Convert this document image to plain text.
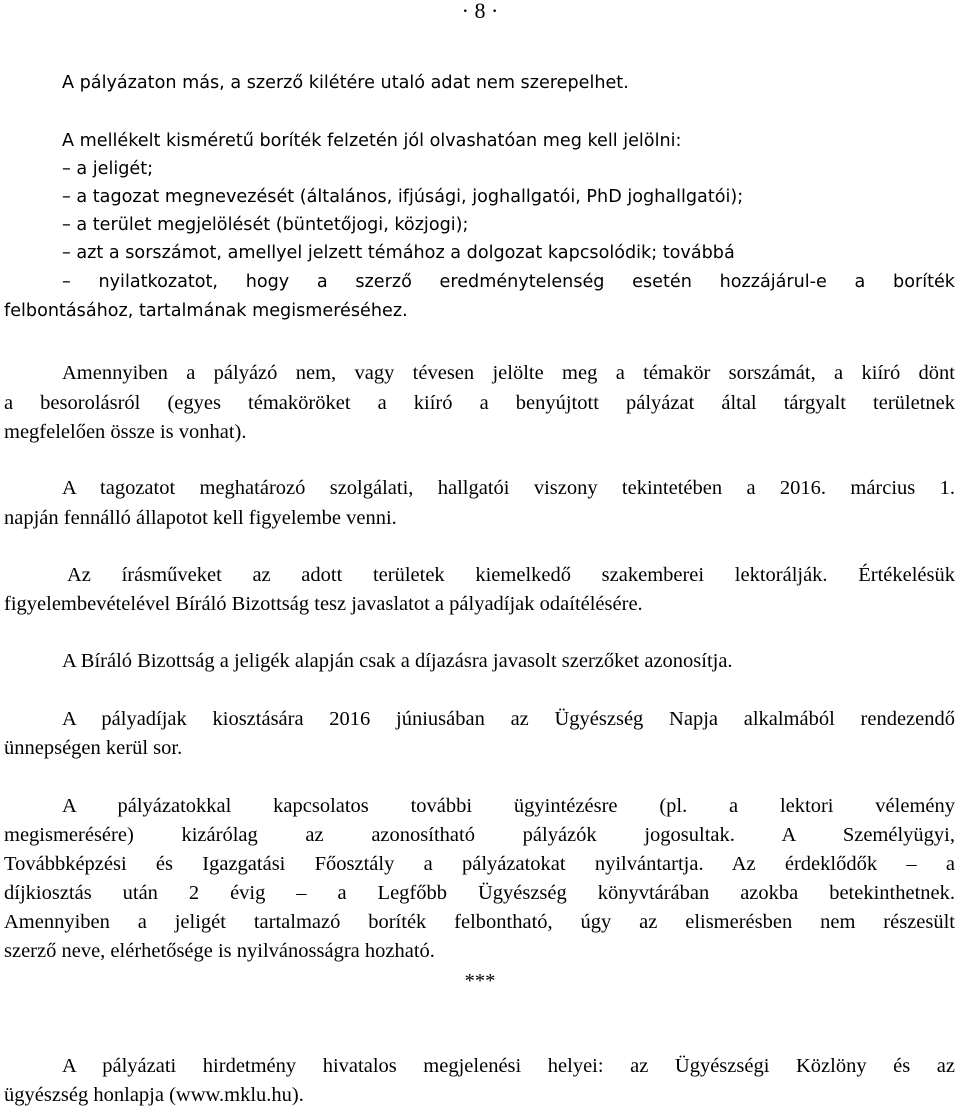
· 8 ·
A pályázaton más, a szerző kilétére utaló adat nem szerepelhet.
A mellékelt kisméretű boríték felzetén jól olvashatóan meg kell jelölni:
– a jeligét;
– a tagozat megnevezését (általános, ifjúsági, joghallgatói, PhD joghallgatói);
– a terület megjelölését (büntetőjogi, közjogi);
– azt a sorszámot, amellyel jelzett témához a dolgozat kapcsolódik; továbbá
– nyilatkozatot, hogy a szerző eredménytelenség esetén hozzájárul-e a boríték
felbontásához, tartalmának megismeréséhez.
Amennyiben a pályázó nem, vagy tévesen jelölte meg a témakör sorszámát, a kiíró dönt
a besorolásról (egyes témaköröket a kiíró a benyújtott pályázat által tárgyalt területnek
megfelelően össze is vonhat).
A tagozatot meghatározó szolgálati, hallgatói viszony tekintetében a 2016. március 1.
napján fennálló állapotot kell figyelembe venni.
Az írásműveket az adott területek kiemelkedő szakemberei lektorálják. Értékelésük
figyelembevételével Bíráló Bizottság tesz javaslatot a pályadíjak odaítélésére.
A Bíráló Bizottság a jeligék alapján csak a díjazásra javasolt szerzőket azonosítja.
A pályadíjak kiosztására 2016 júniusában az Ügyészség Napja alkalmából rendezendő
ünnepségen kerül sor.
A pályázatokkal kapcsolatos további ügyintézésre (pl. a lektori vélemény
megismerésére) kizárólag az azonosítható pályázók jogosultak. A Személyügyi,
Továbbképzési és Igazgatási Főosztály a pályázatokat nyilvántartja. Az érdeklődők – a
díjkiosztás után 2 évig – a Legfőbb Ügyészség könyvtárában azokba betekinthetnek.
Amennyiben a jeligét tartalmazó boríték felbontható, úgy az elismerésben nem részesült
szerző neve, elérhetősége is nyilvánosságra hozható.
***
A pályázati hirdetmény hivatalos megjelenési helyei: az Ügyészségi Közlöny és az
ügyészség honlapja (www.mklu.hu).
